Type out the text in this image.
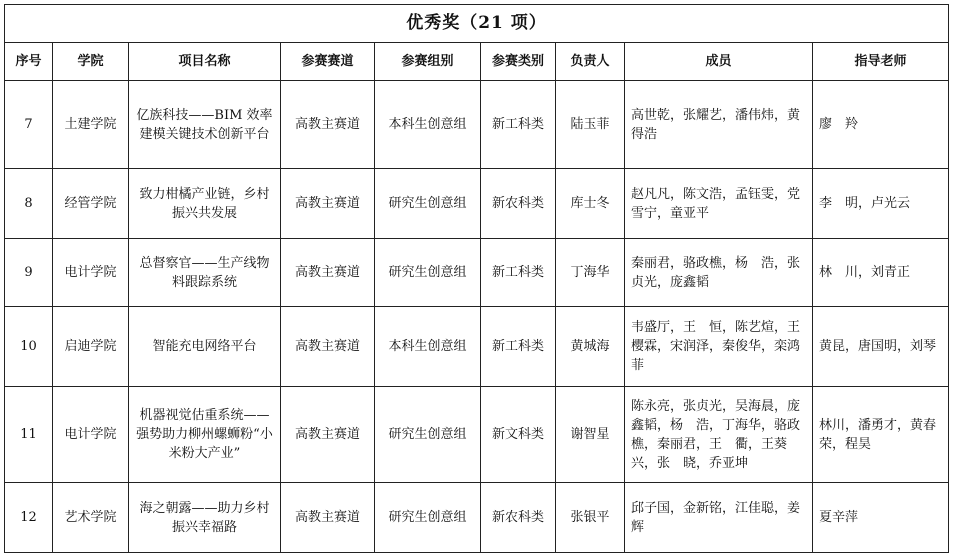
优秀奖（21 项）								
序号	学院	项目名称	参赛赛道	参赛组别	参赛类别	负责人	成员	指导老师
7	土建学院	亿族科技——BIM 效率建模关键技术创新平台	高教主赛道	本科生创意组	新工科类	陆玉菲	高世乾，张耀艺，潘伟炜，黄得浩	廖　羚
8	经管学院	致力柑橘产业链，乡村振兴共发展	高教主赛道	研究生创意组	新农科类	库士冬	赵凡凡，陈文浩，孟钰雯，党雪宁，童亚平	李　明，卢光云
9	电计学院	总督察官——生产线物料跟踪系统	高教主赛道	研究生创意组	新工科类	丁海华	秦丽君，骆政樵，杨　浩，张贞光，庞鑫韬	林　川，刘青正
10	启迪学院	智能充电网络平台	高教主赛道	本科生创意组	新工科类	黄城海	韦盛厅，王　恒，陈艺煊，王樱霖，宋润泽，秦俊华，栾鸿菲	黄昆，唐国明，刘琴
11	电计学院	机器视觉估重系统——强势助力柳州螺蛳粉“小米粉大产业”	高教主赛道	研究生创意组	新文科类	谢智星	陈永亮，张贞光，吴海晨，庞鑫韬，杨　浩，丁海华，骆政樵，秦丽君，王　衢，王葵兴，张　晓，乔亚坤	林川，潘勇才，黄春荣，程昊
12	艺术学院	海之朝露——助力乡村振兴幸福路	高教主赛道	研究生创意组	新农科类	张银平	邱子国，金新铭，江佳聪，姜　辉	夏辛萍
